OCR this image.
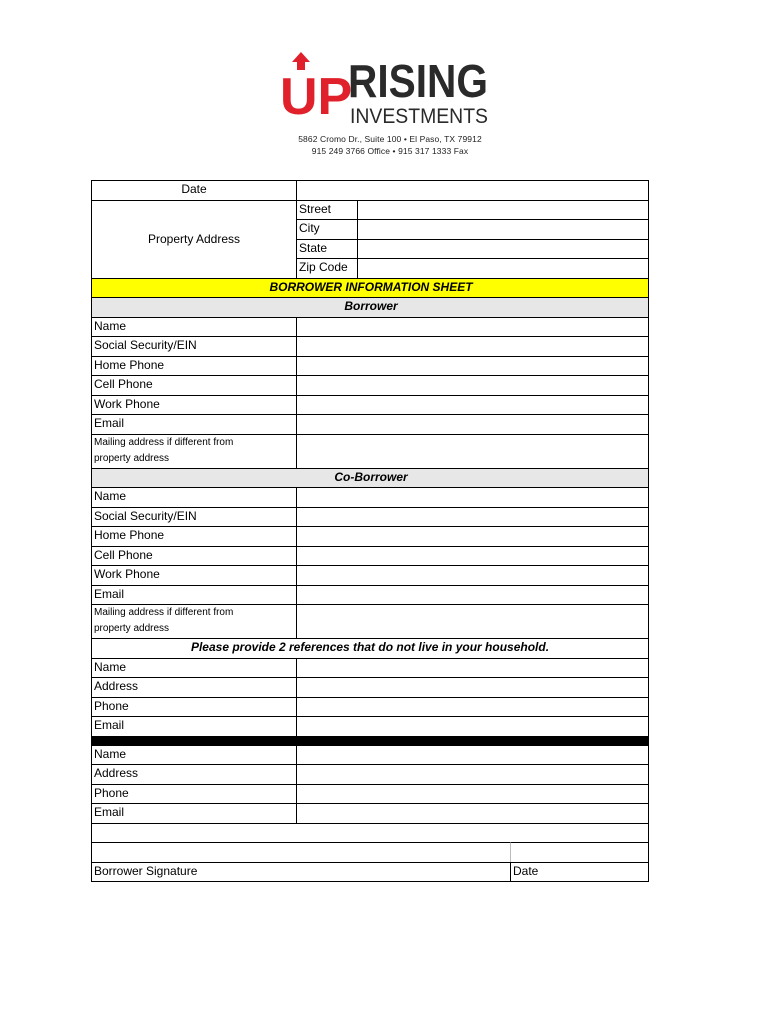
UP
RISING
INVESTMENTS
5862 Cromo Dr., Suite 100 • El Paso, TX 79912
915 249 3766 Office • 915 317 1333 Fax
Date
Property Address
Street
City
State
Zip Code
BORROWER INFORMATION SHEET
Borrower
Name
Social Security/EIN
Home Phone
Cell Phone
Work Phone
Email
Mailing address if different from
property address
Co-Borrower
Name
Social Security/EIN
Home Phone
Cell Phone
Work Phone
Email
Mailing address if different from
property address
Please provide 2 references that do not live in your household.
Name
Address
Phone
Email
Name
Address
Phone
Email
Borrower Signature	Date
